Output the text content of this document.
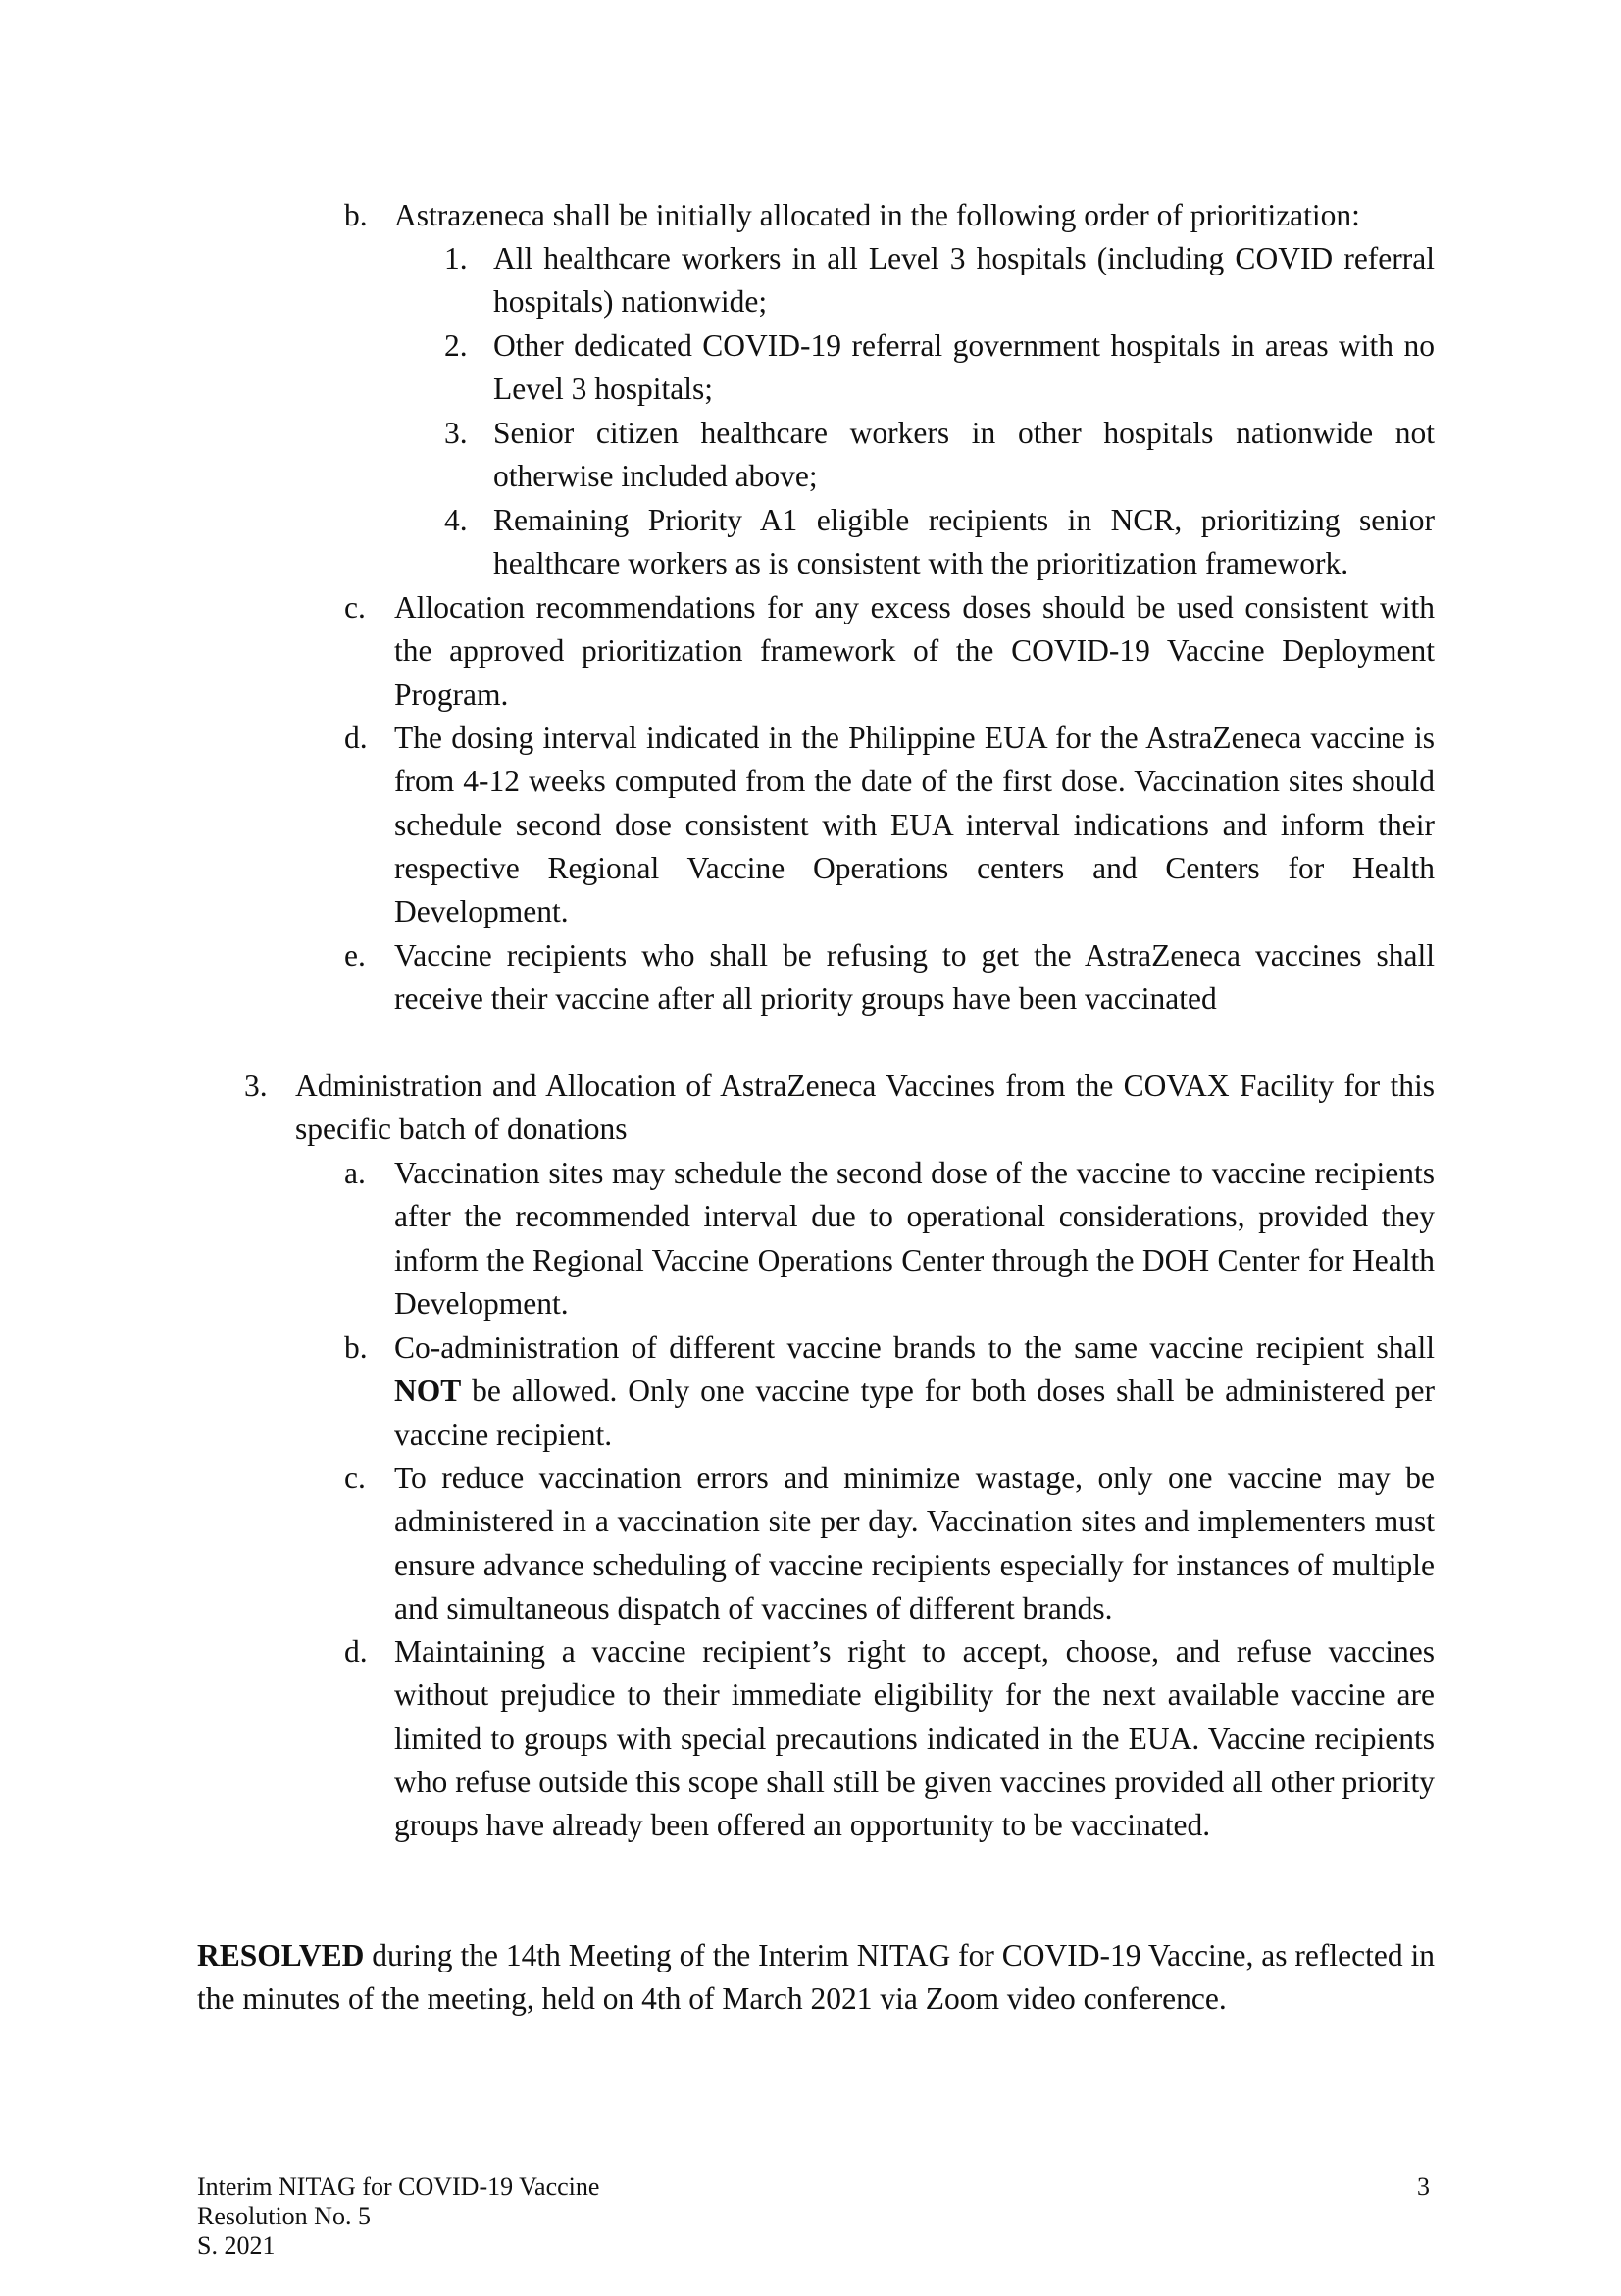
b. Astrazeneca shall be initially allocated in the following order of prioritization:
1. All healthcare workers in all Level 3 hospitals (including COVID referral hospitals) nationwide;
2. Other dedicated COVID-19 referral government hospitals in areas with no Level 3 hospitals;
3. Senior citizen healthcare workers in other hospitals nationwide not otherwise included above;
4. Remaining Priority A1 eligible recipients in NCR, prioritizing senior healthcare workers as is consistent with the prioritization framework.
c. Allocation recommendations for any excess doses should be used consistent with the approved prioritization framework of the COVID-19 Vaccine Deployment Program.
d. The dosing interval indicated in the Philippine EUA for the AstraZeneca vaccine is from 4-12 weeks computed from the date of the first dose. Vaccination sites should schedule second dose consistent with EUA interval indications and inform their respective Regional Vaccine Operations centers and Centers for Health Development.
e. Vaccine recipients who shall be refusing to get the AstraZeneca vaccines shall receive their vaccine after all priority groups have been vaccinated
3. Administration and Allocation of AstraZeneca Vaccines from the COVAX Facility for this specific batch of donations
a. Vaccination sites may schedule the second dose of the vaccine to vaccine recipients after the recommended interval due to operational considerations, provided they inform the Regional Vaccine Operations Center through the DOH Center for Health Development.
b. Co-administration of different vaccine brands to the same vaccine recipient shall NOT be allowed. Only one vaccine type for both doses shall be administered per vaccine recipient.
c. To reduce vaccination errors and minimize wastage, only one vaccine may be administered in a vaccination site per day. Vaccination sites and implementers must ensure advance scheduling of vaccine recipients especially for instances of multiple and simultaneous dispatch of vaccines of different brands.
d. Maintaining a vaccine recipient’s right to accept, choose, and refuse vaccines without prejudice to their immediate eligibility for the next available vaccine are limited to groups with special precautions indicated in the EUA. Vaccine recipients who refuse outside this scope shall still be given vaccines provided all other priority groups have already been offered an opportunity to be vaccinated.
RESOLVED during the 14th Meeting of the Interim NITAG for COVID-19 Vaccine, as reflected in the minutes of the meeting, held on 4th of March 2021 via Zoom video conference.
Interim NITAG for COVID-19 Vaccine
Resolution No. 5
S. 2021
3
